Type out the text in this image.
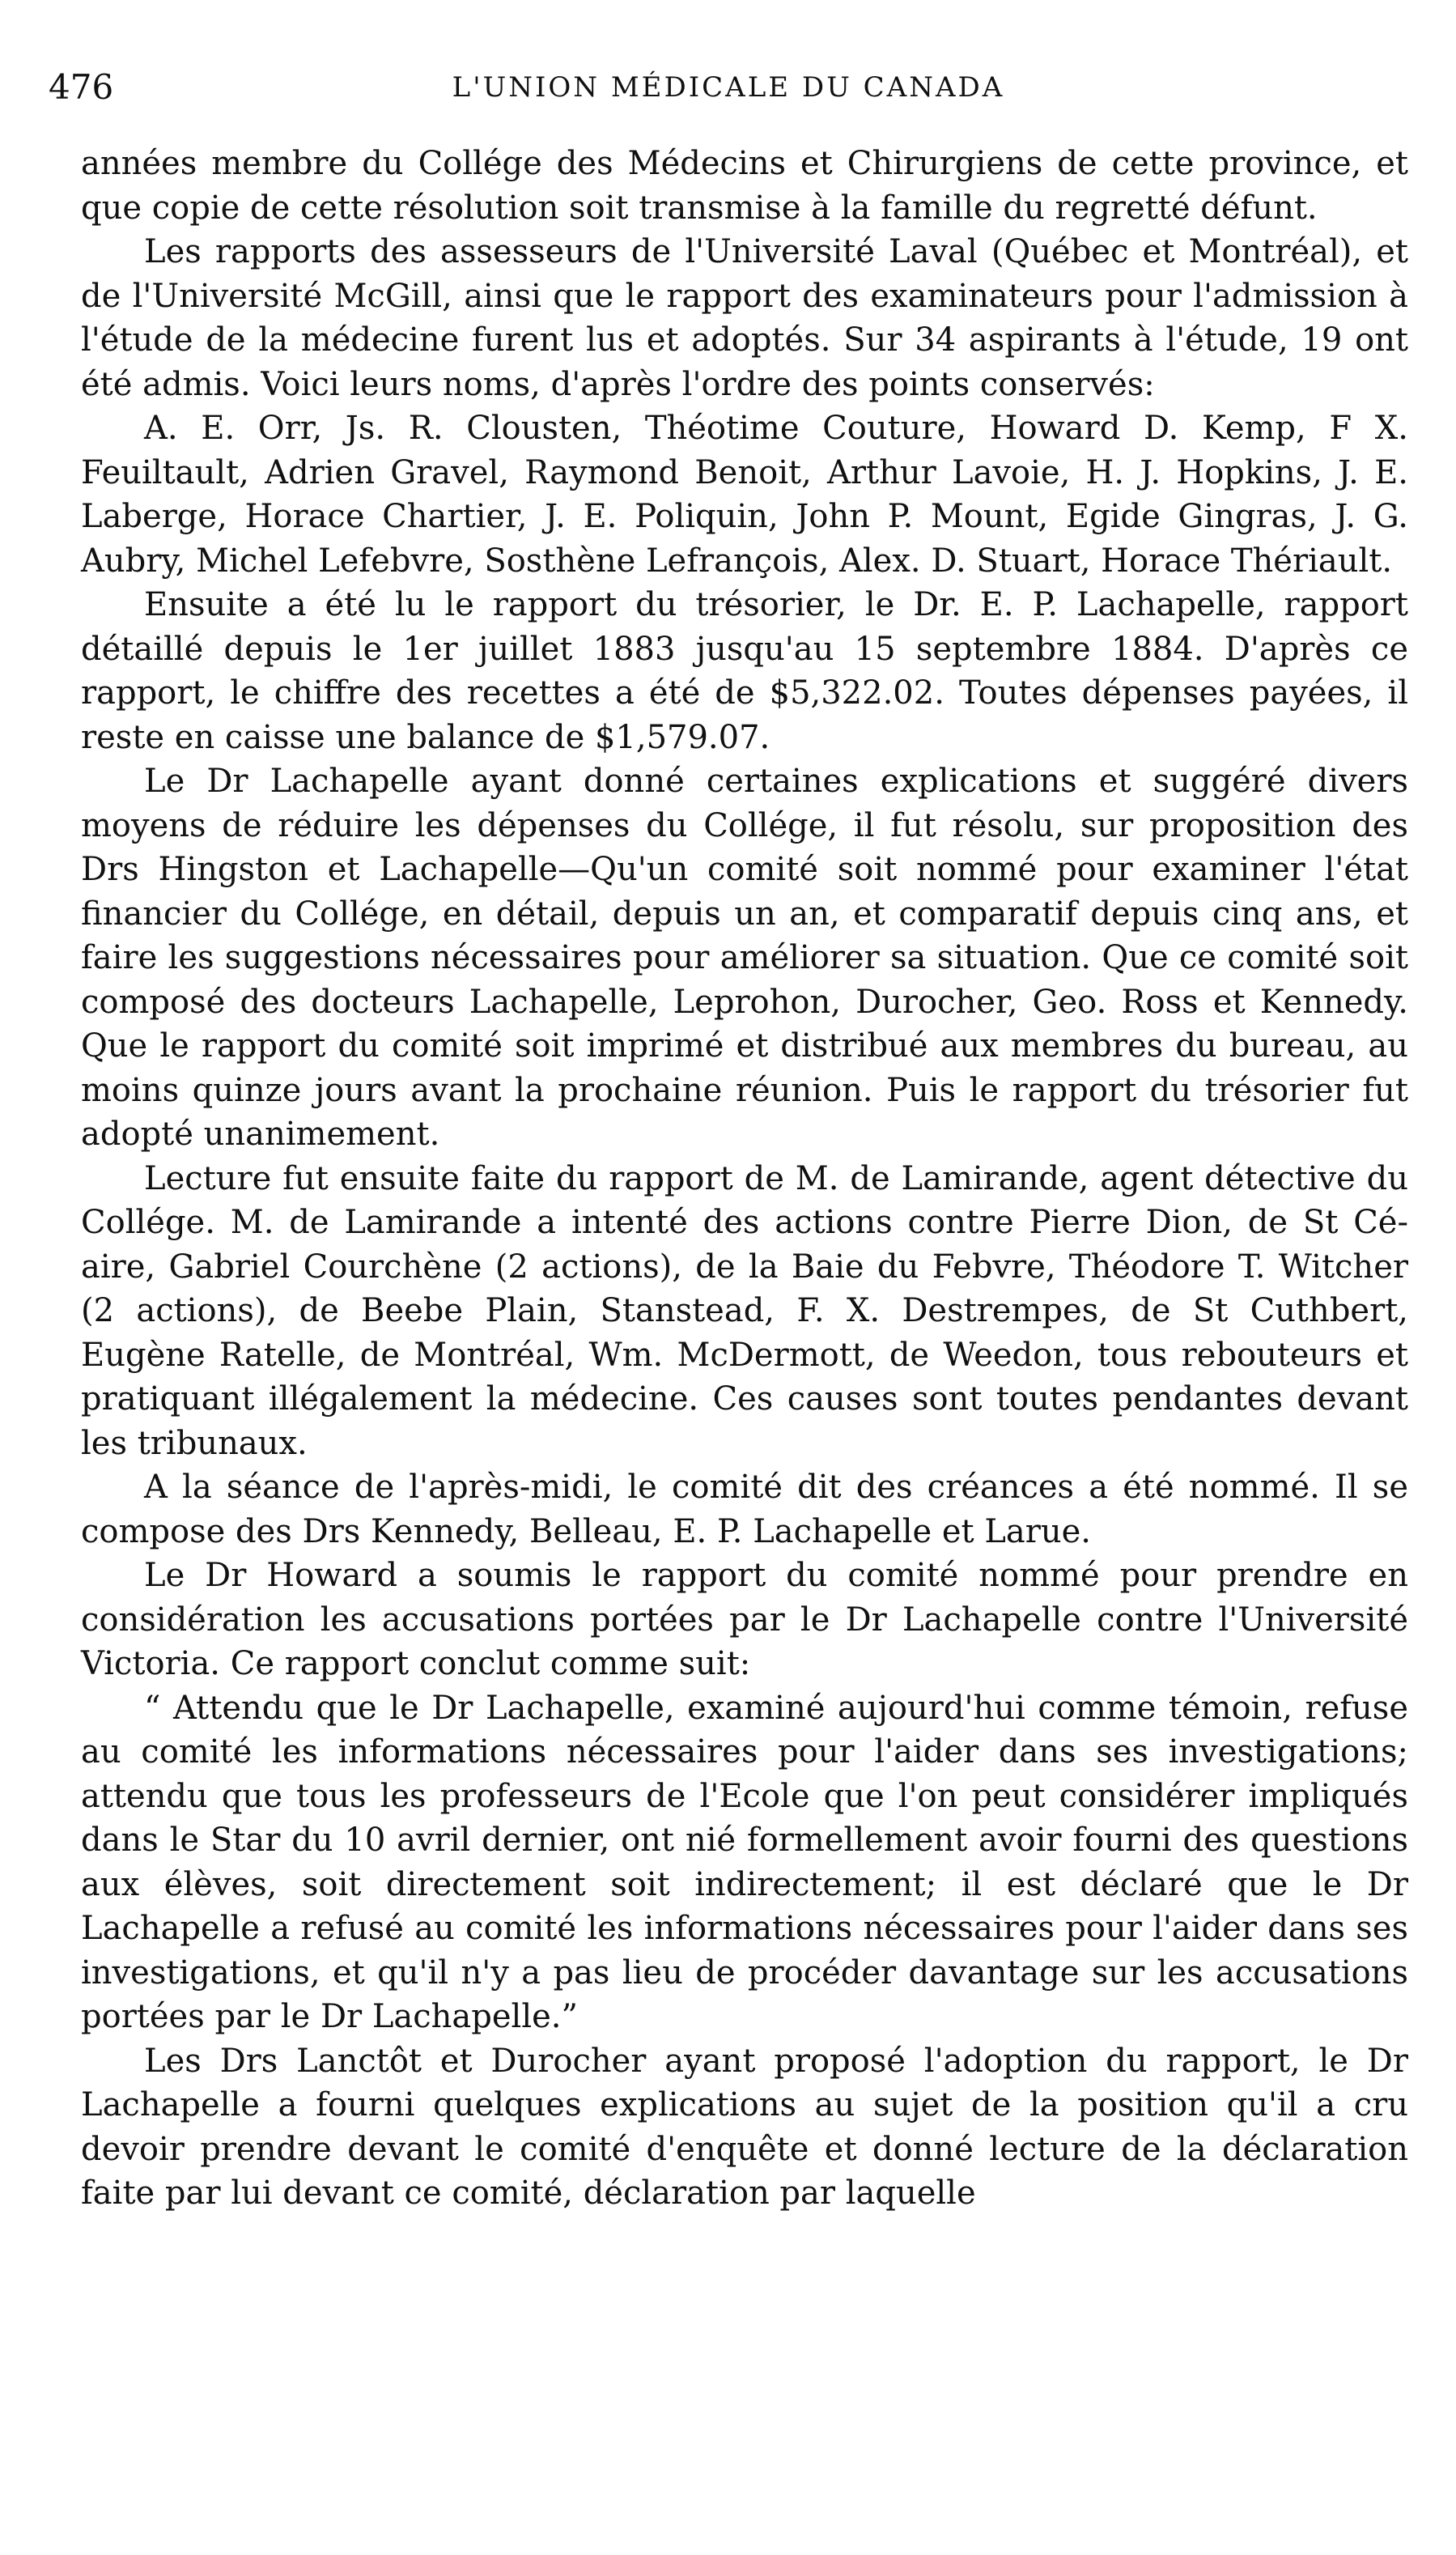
476	L'UNION MÉDICALE DU CANADA

années membre du Collége des Médecins et Chirurgiens de cette province, et que copie de cette résolution soit transmise à la famille du regretté défunt.

Les rapports des assesseurs de l'Université Laval (Québec et Montréal), et de l'Université McGill, ainsi que le rapport des examinateurs pour l'admission à l'étude de la médecine furent lus et adoptés. Sur 34 aspirants à l'étude, 19 ont été admis. Voici leurs noms, d'après l'ordre des points conservés:

A. E. Orr, Js. R. Clousten, Théotime Couture, Howard D. Kemp, F X. Feuiltault, Adrien Gravel, Raymond Benoit, Arthur Lavoie, H. J. Hopkins, J. E. Laberge, Horace Chartier, J. E. Poliquin, John P. Mount, Egide Gingras, J. G. Aubry, Michel Lefebvre, Sosthène Lefrançois, Alex. D. Stuart, Horace Thériault.

Ensuite a été lu le rapport du trésorier, le Dr. E. P. Lachapelle, rapport détaillé depuis le 1er juillet 1883 jusqu'au 15 septembre 1884. D'après ce rapport, le chiffre des recettes a été de $5,322.02. Toutes dépenses payées, il reste en caisse une balance de $1,579.07.

Le Dr Lachapelle ayant donné certaines explications et suggéré divers moyens de réduire les dépenses du Collége, il fut résolu, sur proposition des Drs Hingston et Lachapelle—Qu'un comité soit nommé pour examiner l'état financier du Collége, en détail, depuis un an, et comparatif depuis cinq ans, et faire les suggestions nécessaires pour améliorer sa situation. Que ce comité soit composé des docteurs Lachapelle, Leprohon, Durocher, Geo. Ross et Kennedy. Que le rapport du comité soit imprimé et distribué aux membres du bureau, au moins quinze jours avant la prochaine réunion. Puis le rapport du trésorier fut adopté unanimement.

Lecture fut ensuite faite du rapport de M. de Lamirande, agent détective du Collége. M. de Lamirande a intenté des actions contre Pierre Dion, de St Cé-aire, Gabriel Courchène (2 actions), de la Baie du Febvre, Théodore T. Witcher (2 actions), de Beebe Plain, Stanstead, F. X. Destrempes, de St Cuthbert, Eugène Ratelle, de Montréal, Wm. McDermott, de Weedon, tous rebouteurs et pratiquant illégalement la médecine. Ces causes sont toutes pendantes devant les tribunaux.

A la séance de l'après-midi, le comité dit des créances a été nommé. Il se compose des Drs Kennedy, Belleau, E. P. Lachapelle et Larue.

Le Dr Howard a soumis le rapport du comité nommé pour prendre en considération les accusations portées par le Dr Lachapelle contre l'Université Victoria. Ce rapport conclut comme suit:

“ Attendu que le Dr Lachapelle, examiné aujourd'hui comme témoin, refuse au comité les informations nécessaires pour l'aider dans ses investigations; attendu que tous les professeurs de l'Ecole que l'on peut considérer impliqués dans le Star du 10 avril dernier, ont nié formellement avoir fourni des questions aux élèves, soit directement soit indirectement; il est déclaré que le Dr Lachapelle a refusé au comité les informations nécessaires pour l'aider dans ses investigations, et qu'il n'y a pas lieu de procéder davantage sur les accusations portées par le Dr Lachapelle.”

Les Drs Lanctôt et Durocher ayant proposé l'adoption du rapport, le Dr Lachapelle a fourni quelques explications au sujet de la position qu'il a cru devoir prendre devant le comité d'enquête et donné lecture de la déclaration faite par lui devant ce comité, déclaration par laquelle
